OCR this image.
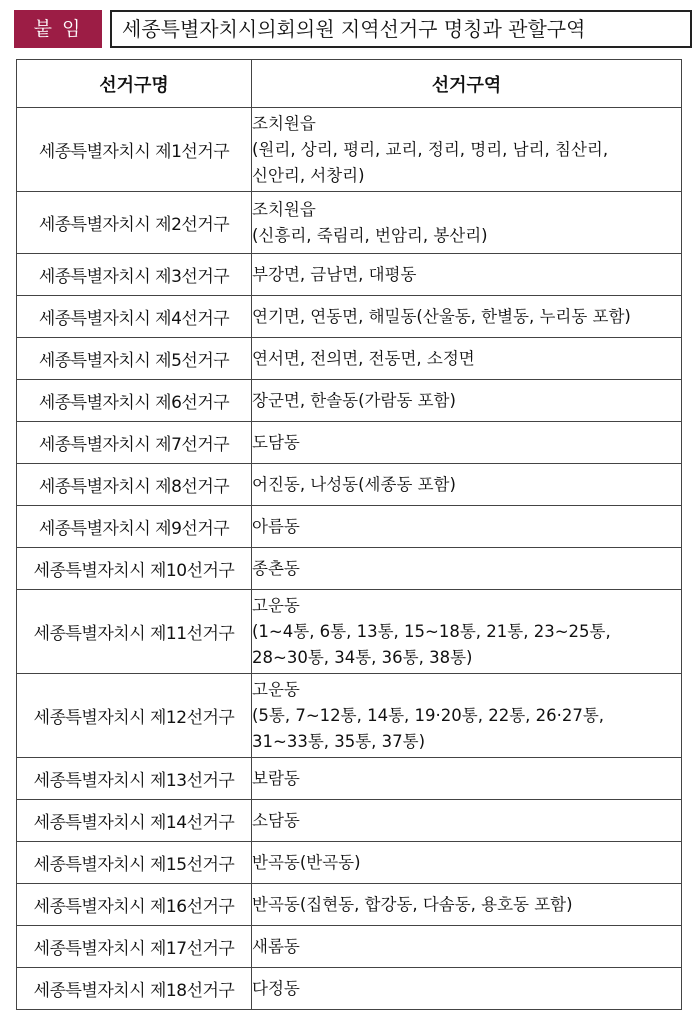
붙 임	세종특별자치시의회의원 지역선거구 명칭과 관할구역
선거구명	선거구역
세종특별자치시 제1선거구	조치원읍
(원리, 상리, 평리, 교리, 정리, 명리, 남리, 침산리,
신안리, 서창리)

세종특별자치시 제2선거구	조치원읍
(신흥리, 죽림리, 번암리, 봉산리)

세종특별자치시 제3선거구	부강면, 금남면, 대평동

세종특별자치시 제4선거구	연기면, 연동면, 해밀동(산울동, 한별동, 누리동 포함)

세종특별자치시 제5선거구	연서면, 전의면, 전동면, 소정면

세종특별자치시 제6선거구	장군면, 한솔동(가람동 포함)

세종특별자치시 제7선거구	도담동

세종특별자치시 제8선거구	어진동, 나성동(세종동 포함)

세종특별자치시 제9선거구	아름동

세종특별자치시 제10선거구	종촌동

세종특별자치시 제11선거구	고운동
(1~4통, 6통, 13통, 15~18통, 21통, 23~25통,
28~30통, 34통, 36통, 38통)

세종특별자치시 제12선거구	고운동
(5통, 7~12통, 14통, 19·20통, 22통, 26·27통,
31~33통, 35통, 37통)

세종특별자치시 제13선거구	보람동

세종특별자치시 제14선거구	소담동

세종특별자치시 제15선거구	반곡동(반곡동)

세종특별자치시 제16선거구	반곡동(집현동, 합강동, 다솜동, 용호동 포함)

세종특별자치시 제17선거구	새롬동

세종특별자치시 제18선거구	다정동
